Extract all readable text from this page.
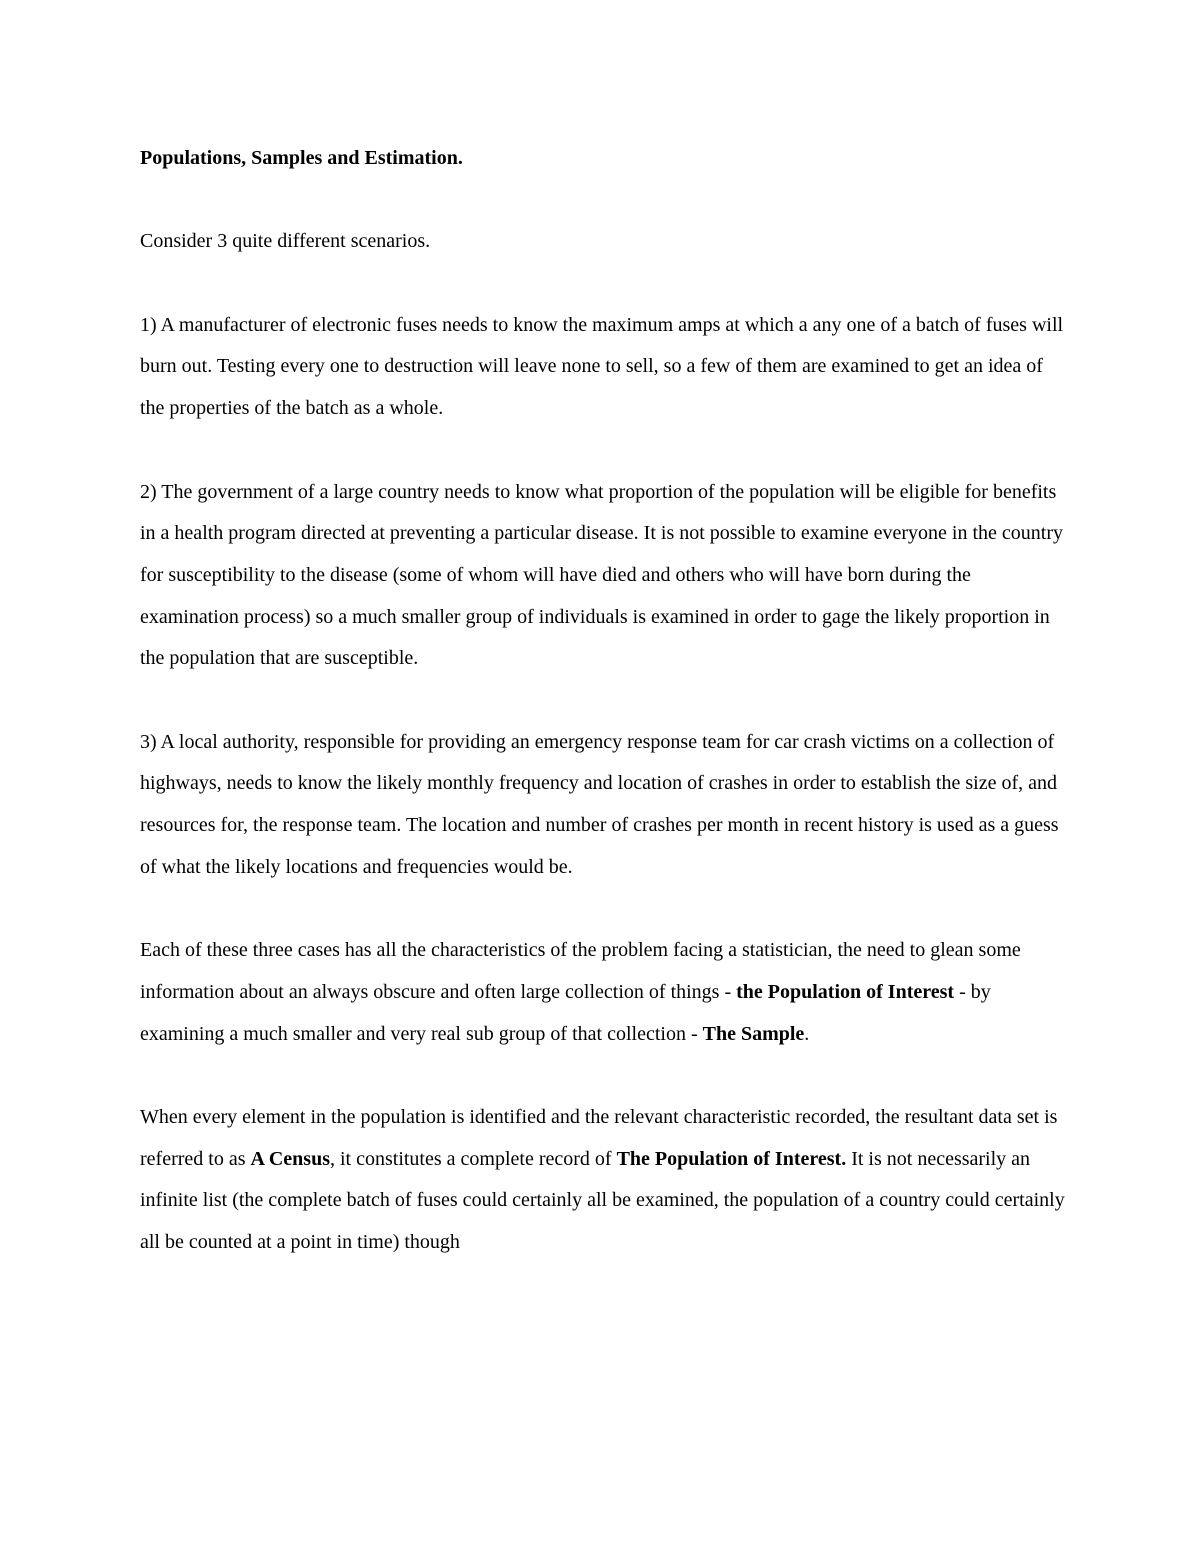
Populations, Samples and Estimation.

Consider 3 quite different scenarios.

1) A manufacturer of electronic fuses needs to know the maximum amps at which a any one of a batch of fuses will burn out. Testing every one to destruction will leave none to sell, so a few of them are examined to get an idea of the properties of the batch as a whole.

2) The government of a large country needs to know what proportion of the population will be eligible for benefits in a health program directed at preventing a particular disease. It is not possible to examine everyone in the country for susceptibility to the disease (some of whom will have died and others who will have born during the examination process) so a much smaller group of individuals is examined in order to gage the likely proportion in the population that are susceptible.

3) A local authority, responsible for providing an emergency response team for car crash victims on a collection of highways, needs to know the likely monthly frequency and location of crashes in order to establish the size of, and resources for, the response team. The location and number of crashes per month in recent history is used as a guess of what the likely locations and frequencies would be.

Each of these three cases has all the characteristics of the problem facing a statistician, the need to glean some information about an always obscure and often large collection of things - the Population of Interest - by examining a much smaller and very real sub group of that collection - The Sample.

When every element in the population is identified and the relevant characteristic recorded, the resultant data set is referred to as A Census, it constitutes a complete record of The Population of Interest. It is not necessarily an infinite list (the complete batch of fuses could certainly all be examined, the population of a country could certainly all be counted at a point in time) though
